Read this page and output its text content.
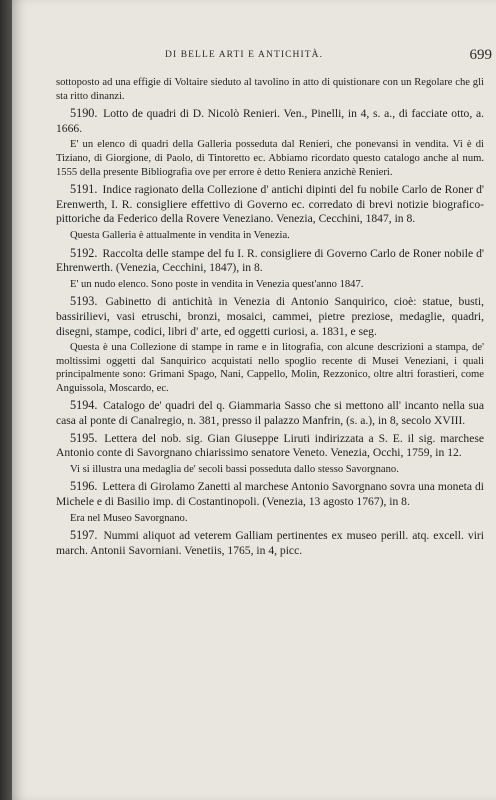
DI BELLE ARTI E ANTICHITÀ.	699

sottoposto ad una effigie di Voltaire sieduto al tavolino in atto di quistionare con un Regolare che gli sta ritto dinanzi.

5190. Lotto de quadri di D. Nicolò Renieri. Ven., Pinelli, in 4, s. a., di facciate otto, a. 1666.

E' un elenco di quadri della Galleria posseduta dal Renieri, che ponevansi in vendita. Vi è di Tiziano, di Giorgione, di Paolo, di Tintoretto ec. Abbiamo ricordato questo catalogo anche al num. 1555 della presente Bibliografia ove per errore è detto Reniera anzichè Renieri.

5191. Indice ragionato della Collezione d' antichi dipinti del fu nobile Carlo de Roner d' Erenwerth, I. R. consigliere effettivo di Governo ec. corredato di brevi notizie biografico-pittoriche da Federico della Rovere Veneziano. Venezia, Cecchini, 1847, in 8.

Questa Galleria è attualmente in vendita in Venezia.

5192. Raccolta delle stampe del fu I. R. consigliere di Governo Carlo de Roner nobile d' Ehrenwerth. (Venezia, Cecchini, 1847), in 8.

E' un nudo elenco. Sono poste in vendita in Venezia quest'anno 1847.

5193. Gabinetto di antichità in Venezia di Antonio Sanquirico, cioè: statue, busti, bassirilievi, vasi etruschi, bronzi, mosaici, cammei, pietre preziose, medaglie, quadri, disegni, stampe, codici, libri d' arte, ed oggetti curiosi, a. 1831, e seg.

Questa è una Collezione di stampe in rame e in litografia, con alcune descrizioni a stampa, de' moltissimi oggetti dal Sanquirico acquistati nello spoglio recente di Musei Veneziani, i quali principalmente sono: Grimani Spago, Nani, Cappello, Molin, Rezzonico, oltre altri forastieri, come Anguissola, Moscardo, ec.

5194. Catalogo de' quadri del q. Giammaria Sasso che si mettono all' incanto nella sua casa al ponte di Canalregio, n. 381, presso il palazzo Manfrin, (s. a.), in 8, secolo XVIII.

5195. Lettera del nob. sig. Gian Giuseppe Liruti indirizzata a S. E. il sig. marchese Antonio conte di Savorgnano chiarissimo senatore Veneto. Venezia, Occhi, 1759, in 12.

Vi si illustra una medaglia de' secoli bassi posseduta dallo stesso Savorgnano.

5196. Lettera di Girolamo Zanetti al marchese Antonio Savorgnano sovra una moneta di Michele e di Basilio imp. di Costantinopoli. (Venezia, 13 agosto 1767), in 8.

Era nel Museo Savorgnano.

5197. Nummi aliquot ad veterem Galliam pertinentes ex museo perill. atq. excell. viri march. Antonii Savorniani. Venetiis, 1765, in 4, picc.
